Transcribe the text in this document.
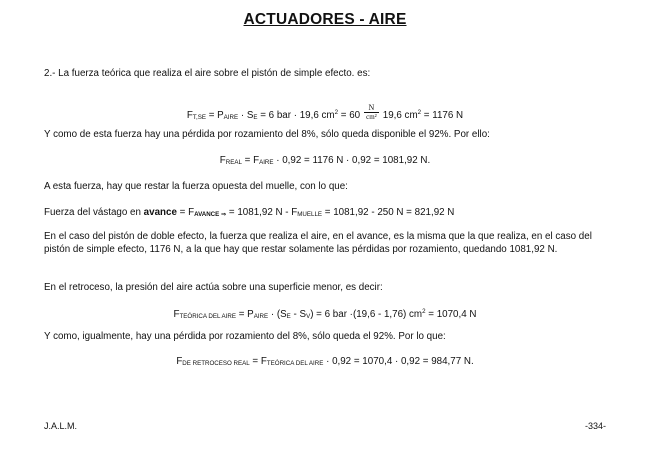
ACTUADORES - AIRE
2.- La fuerza teórica que realiza el aire sobre el pistón de simple efecto. es:
FT,SE = PAIRE · SE = 6 bar · 19,6 $cm^2 = 60 \frac{N}{\text{cm²}} 19,6$ $cm^2 = 1176$ N
Y como de esta fuerza hay una pérdida por rozamiento del 8%, sólo queda disponible el 92%. Por ello:
FREAL = FAIRE · 0,92 = 1176 N · 0,92 = 1081,92 N.
A esta fuerza, hay que restar la fuerza opuesta del muelle, con lo que:
Fuerza del vástago en avance = FAVANCE ⇒ = 1081,92 N - FMUELLE = 1081,92 - 250 N = 821,92 N
En el caso del pistón de doble efecto, la fuerza que realiza el aire, en el avance, es la misma que la que realiza, en el caso del pistón de simple efecto, 1176 N, a la que hay que restar solamente las pérdidas por rozamiento, quedando 1081,92 N.
En el retroceso, la presión del aire actúa sobre una superficie menor, es decir:
FTEÓRICA DEL AIRE = PAIRE · (SE - SV) = 6 bar ·(19,6 - 1,76) $cm^2 = 1070,4$ N
Y como, igualmente, hay una pérdida por rozamiento del 8%, sólo queda el 92%. Por lo que:
FDE RETROCESO REAL = FTEÓRICA DEL AIRE · 0,92 = 1070,4 · 0,92 = 984,77 N.
J.A.L.M.	-334-
